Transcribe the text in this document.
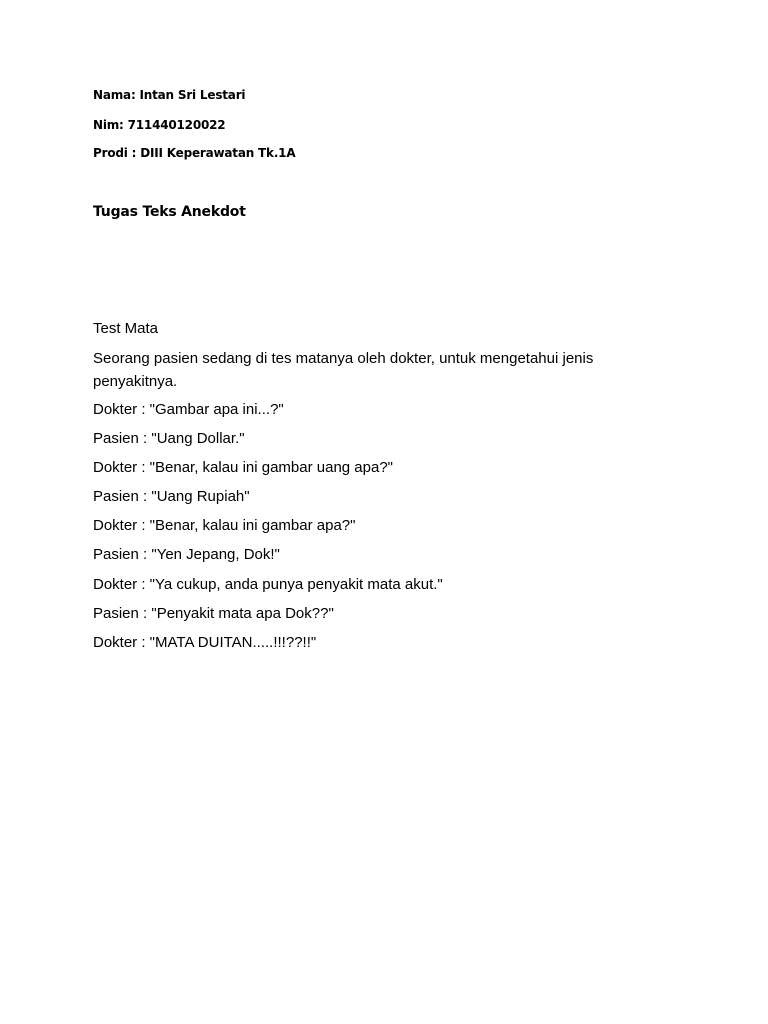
Nama: Intan Sri Lestari
Nim: 711440120022
Prodi : DIII Keperawatan Tk.1A
Tugas Teks Anekdot
Test Mata
Seorang pasien sedang di tes matanya oleh dokter, untuk mengetahui jenis penyakitnya.
Dokter : "Gambar apa ini...?"
Pasien : "Uang Dollar."
Dokter : "Benar, kalau ini gambar uang apa?"
Pasien : "Uang Rupiah"
Dokter : "Benar, kalau ini gambar apa?"
Pasien : "Yen Jepang, Dok!"
Dokter : "Ya cukup, anda punya penyakit mata akut."
Pasien : "Penyakit mata apa Dok??"
Dokter : "MATA DUITAN.....!!!??!!"
